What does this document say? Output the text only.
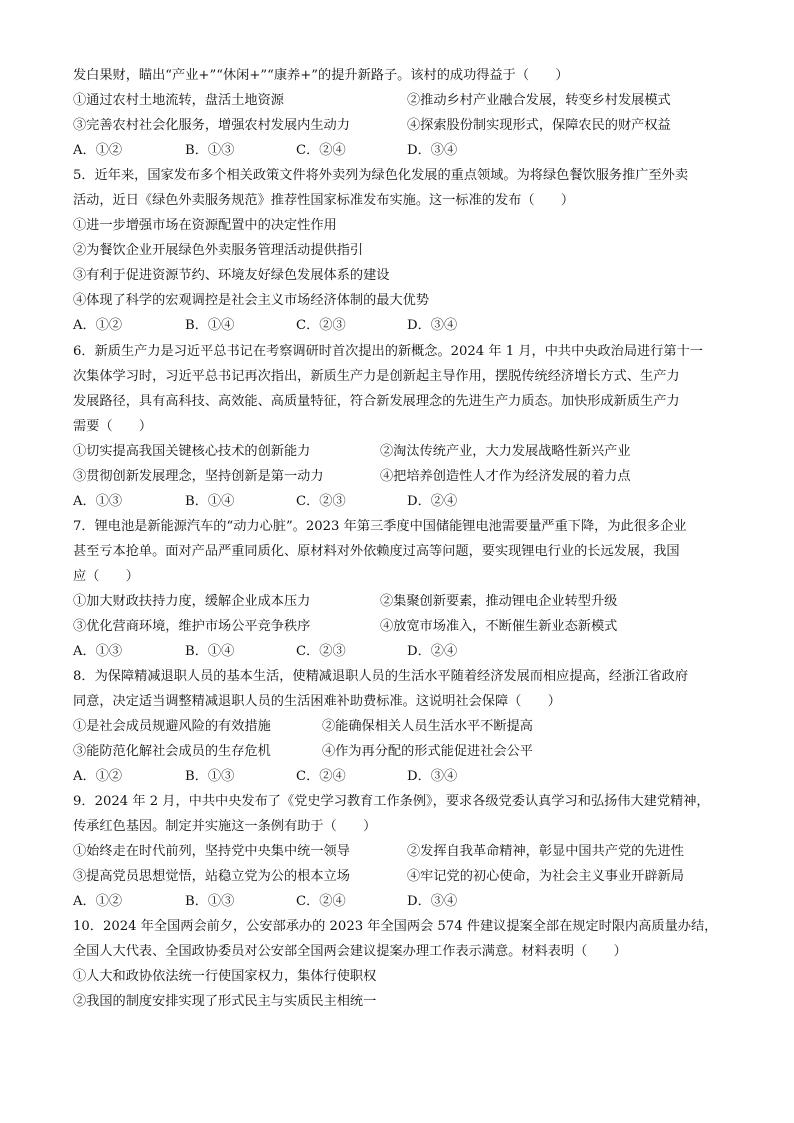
发白果财，瞄出“产业+”“休闲+”“康养+”的提升新路子。该村的成功得益于（　　）
①通过农村土地流转，盘活土地资源	②推动乡村产业融合发展，转变乡村发展模式
③完善农村社会化服务，增强农村发展内生动力	④探索股份制实现形式，保障农民的财产权益
A．①②	B．①③	C．②④	D．③④
5．近年来，国家发布多个相关政策文件将外卖列为绿色化发展的重点领域。为将绿色餐饮服务推广至外卖
活动，近日《绿色外卖服务规范》推荐性国家标准发布实施。这一标准的发布（　　）
①进一步增强市场在资源配置中的决定性作用
②为餐饮企业开展绿色外卖服务管理活动提供指引
③有利于促进资源节约、环境友好绿色发展体系的建设
④体现了科学的宏观调控是社会主义市场经济体制的最大优势
A．①②	B．①④	C．②③	D．③④
6．新质生产力是习近平总书记在考察调研时首次提出的新概念。2024 年 1 月，中共中央政治局进行第十一
次集体学习时，习近平总书记再次指出，新质生产力是创新起主导作用，摆脱传统经济增长方式、生产力
发展路径，具有高科技、高效能、高质量特征，符合新发展理念的先进生产力质态。加快形成新质生产力
需要（　　）
①切实提高我国关键核心技术的创新能力	②淘汰传统产业，大力发展战略性新兴产业
③贯彻创新发展理念，坚持创新是第一动力	④把培养创造性人才作为经济发展的着力点
A．①③	B．①④	C．②③	D．②④
7．锂电池是新能源汽车的“动力心脏”。2023 年第三季度中国储能锂电池需要量严重下降，为此很多企业
甚至亏本抢单。面对产品严重同质化、原材料对外依赖度过高等问题，要实现锂电行业的长远发展，我国
应（　　）
①加大财政扶持力度，缓解企业成本压力	②集聚创新要素，推动锂电企业转型升级
③优化营商环境，维护市场公平竞争秩序	④放宽市场准入，不断催生新业态新模式
A．①③	B．①④	C．②③	D．②④
8．为保障精减退职人员的基本生活，使精减退职人员的生活水平随着经济发展而相应提高，经浙江省政府
同意，决定适当调整精减退职人员的生活困难补助费标准。这说明社会保障（　　）
①是社会成员规避风险的有效措施	②能确保相关人员生活水平不断提高
③能防范化解社会成员的生存危机	④作为再分配的形式能促进社会公平
A．①②	B．①③	C．②④	D．③④
9．2024 年 2 月，中共中央发布了《党史学习教育工作条例》，要求各级党委认真学习和弘扬伟大建党精神，
传承红色基因。制定并实施这一条例有助于（　　）
①始终走在时代前列，坚持党中央集中统一领导	②发挥自我革命精神，彰显中国共产党的先进性
③提高党员思想觉悟，站稳立党为公的根本立场	④牢记党的初心使命，为社会主义事业开辟新局
A．①②	B．①③	C．②④	D．③④
10．2024 年全国两会前夕，公安部承办的 2023 年全国两会 574 件建议提案全部在规定时限内高质量办结，
全国人大代表、全国政协委员对公安部全国两会建议提案办理工作表示满意。材料表明（　　）
①人大和政协依法统一行使国家权力，集体行使职权
②我国的制度安排实现了形式民主与实质民主相统一
